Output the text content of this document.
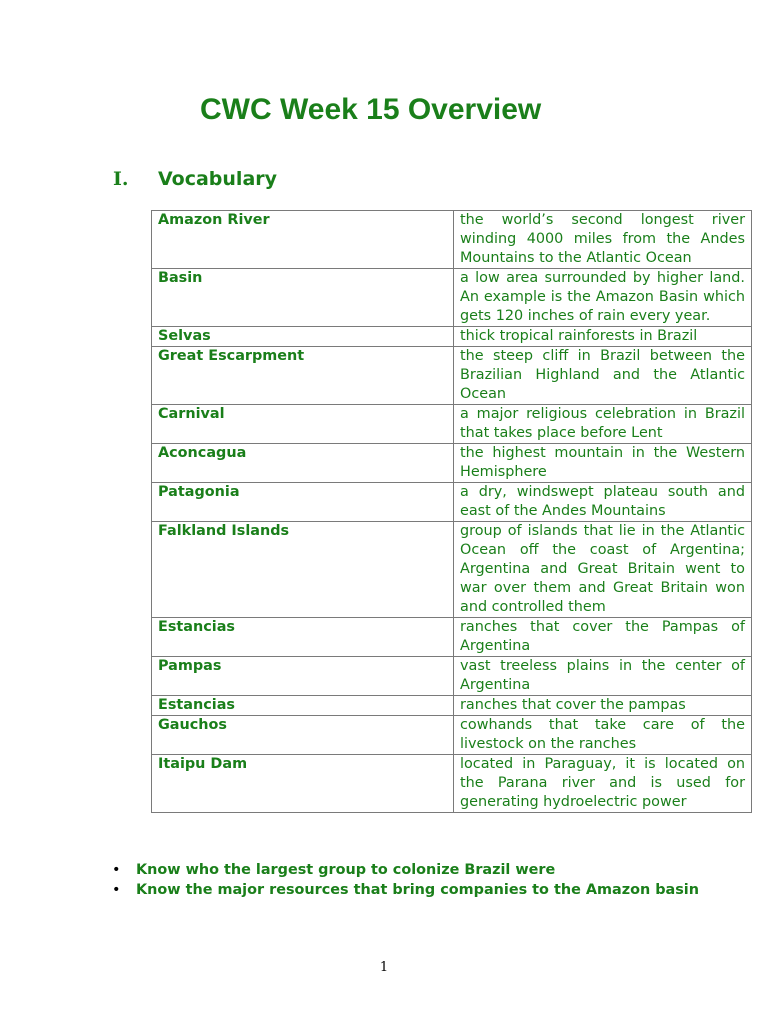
CWC Week 15 Overview
I. Vocabulary
Amazon River	the world’s second longest river winding 4000 miles from the Andes Mountains to the Atlantic Ocean
Basin	a low area surrounded by higher land. An example is the Amazon Basin which gets 120 inches of rain every year.
Selvas	thick tropical rainforests in Brazil
Great Escarpment	the steep cliff in Brazil between the Brazilian Highland and the Atlantic Ocean
Carnival	a major religious celebration in Brazil that takes place before Lent
Aconcagua	the highest mountain in the Western Hemisphere
Patagonia	a dry, windswept plateau south and east of the Andes Mountains
Falkland Islands	group of islands that lie in the Atlantic Ocean off the coast of Argentina; Argentina and Great Britain went to war over them and Great Britain won and controlled them
Estancias	ranches that cover the Pampas of Argentina
Pampas	vast treeless plains in the center of Argentina
Estancias	ranches that cover the pampas
Gauchos	cowhands that take care of the livestock on the ranches
Itaipu Dam	located in Paraguay, it is located on the Parana river and is used for generating hydroelectric power
• Know who the largest group to colonize Brazil were
• Know the major resources that bring companies to the Amazon basin
1
